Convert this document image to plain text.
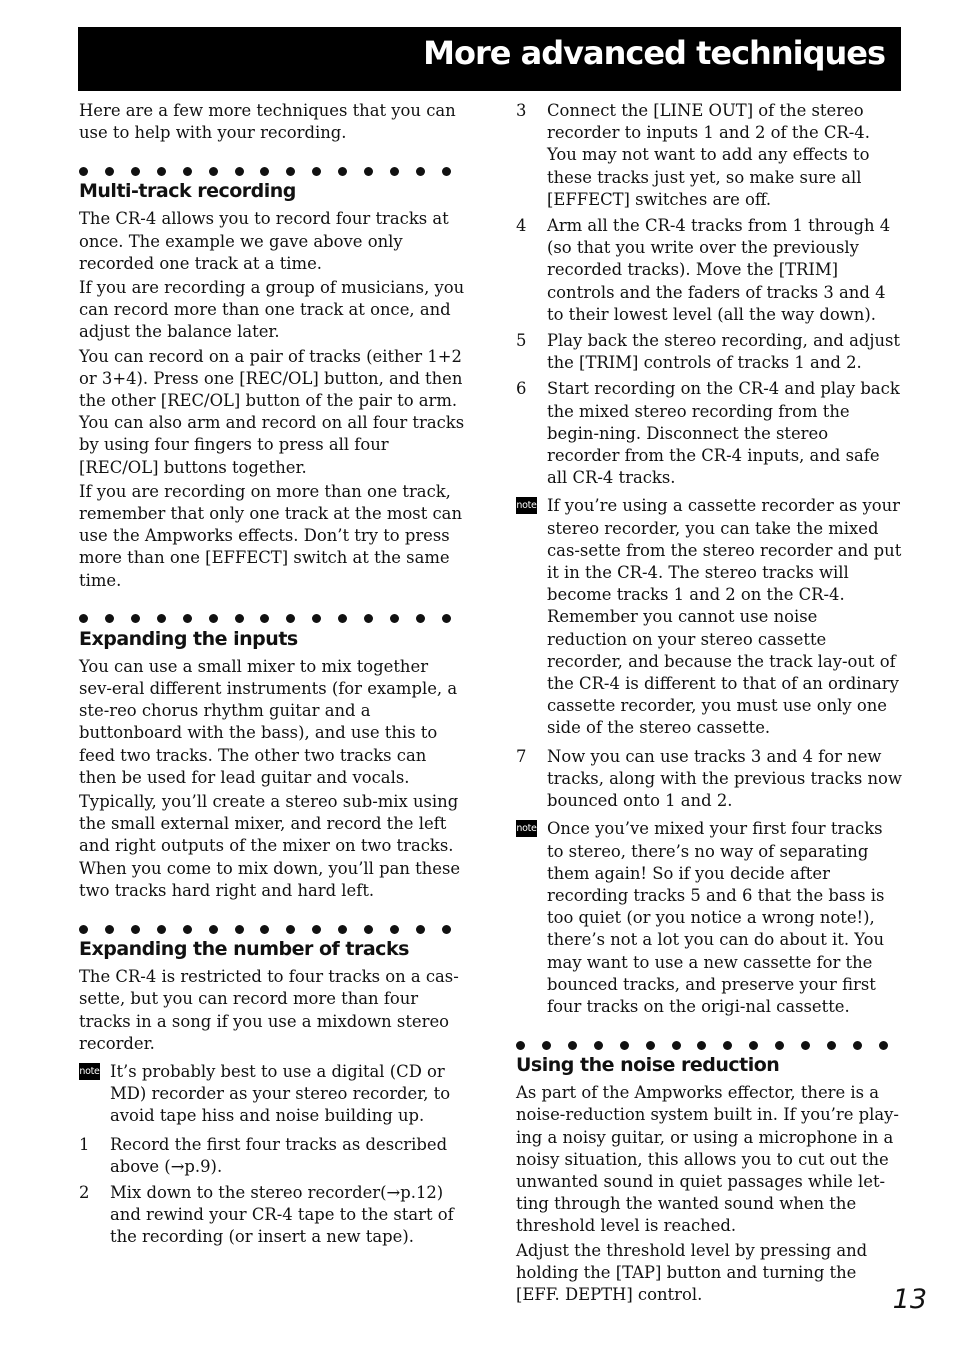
More advanced techniques

Here are a few more techniques that you can use to help with your recording.

Multi-track recording

The CR-4 allows you to record four tracks at once. The example we gave above only recorded one track at a time.

If you are recording a group of musicians, you can record more than one track at once, and adjust the balance later.

You can record on a pair of tracks (either 1+2 or 3+4). Press one [REC/OL] button, and then the other [REC/OL] button of the pair to arm. You can also arm and record on all four tracks by using four fingers to press all four [REC/OL] buttons together.

If you are recording on more than one track, remember that only one track at the most can use the Ampworks effects. Don’t try to press more than one [EFFECT] switch at the same time.

Expanding the inputs

You can use a small mixer to mix together sev-eral different instruments (for example, a ste-reo chorus rhythm guitar and a buttonboard with the bass), and use this to feed two tracks. The other two tracks can then be used for lead guitar and vocals.

Typically, you’ll create a stereo sub-mix using the small external mixer, and record the left and right outputs of the mixer on two tracks. When you come to mix down, you’ll pan these two tracks hard right and hard left.

Expanding the number of tracks

The CR-4 is restricted to four tracks on a cas-sette, but you can record more than four tracks in a song if you use a mixdown stereo recorder.

note It’s probably best to use a digital (CD or MD) recorder as your stereo recorder, to avoid tape hiss and noise building up.
1	Record the first four tracks as described above (→p.9).
2	Mix down to the stereo recorder(→p.12) and rewind your CR-4 tape to the start of the recording (or insert a new tape).
3	Connect the [LINE OUT] of the stereo recorder to inputs 1 and 2 of the CR-4. You may not want to add any effects to these tracks just yet, so make sure all [EFFECT] switches are off.
4	Arm all the CR-4 tracks from 1 through 4 (so that you write over the previously recorded tracks). Move the [TRIM] controls and the faders of tracks 3 and 4 to their lowest level (all the way down).
5	Play back the stereo recording, and adjust the [TRIM] controls of tracks 1 and 2.
6	Start recording on the CR-4 and play back the mixed stereo recording from the begin-ning. Disconnect the stereo recorder from the CR-4 inputs, and safe all CR-4 tracks.
note If you’re using a cassette recorder as your stereo recorder, you can take the mixed cas-sette from the stereo recorder and put it in the CR-4. The stereo tracks will become tracks 1 and 2 on the CR-4. Remember you cannot use noise reduction on your stereo cassette recorder, and because the track lay-out of the CR-4 is different to that of an ordinary cassette recorder, you must use only one side of the stereo cassette.
7	Now you can use tracks 3 and 4 for new tracks, along with the previous tracks now bounced onto 1 and 2.
note Once you’ve mixed your first four tracks to stereo, there’s no way of separating them again! So if you decide after recording tracks 5 and 6 that the bass is too quiet (or you notice a wrong note!), there’s not a lot you can do about it. You may want to use a new cassette for the bounced tracks, and preserve your first four tracks on the origi-nal cassette.
Using the noise reduction

As part of the Ampworks effector, there is a noise-reduction system built in. If you’re play-ing a noisy guitar, or using a microphone in a noisy situation, this allows you to cut out the unwanted sound in quiet passages while let-ting through the wanted sound when the threshold level is reached.

Adjust the threshold level by pressing and holding the [TAP] button and turning the [EFF. DEPTH] control.	13
